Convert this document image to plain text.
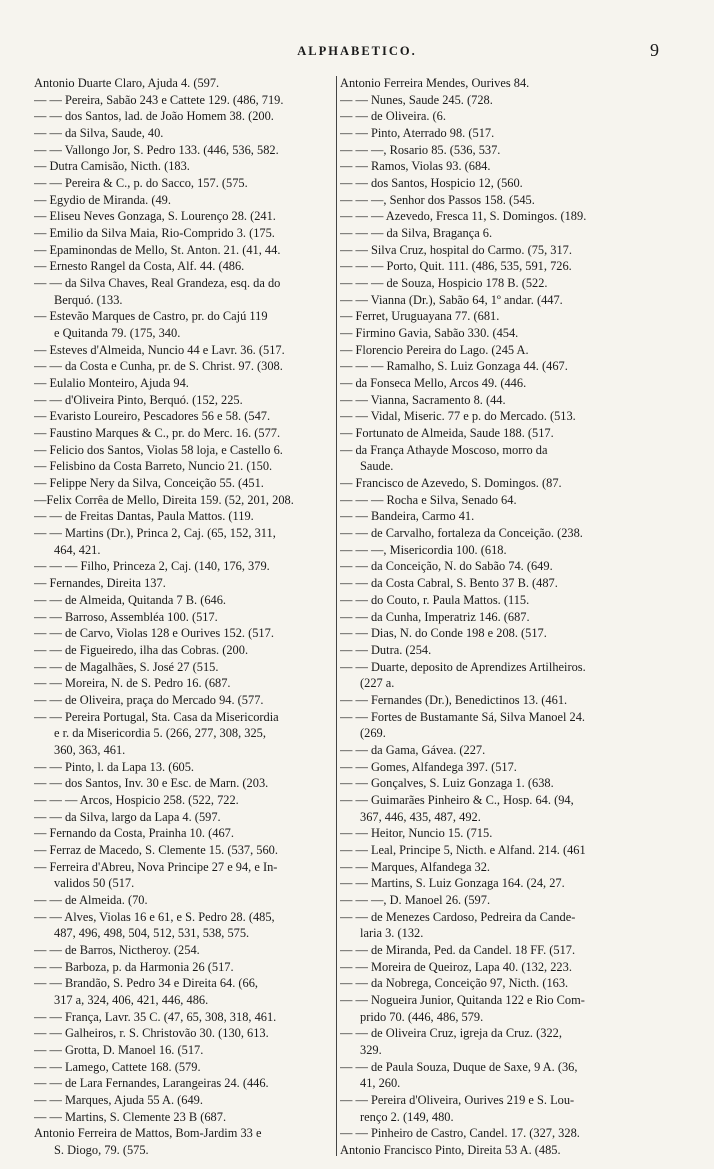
ALPHABETICO.	9
Antonio Duarte Claro, Ajuda 4. (597.
— — Pereira, Sabão 243 e Cattete 129. (486, 719.
— — dos Santos, lad. de João Homem 38. (200.
— — da Silva, Saude, 40.
— — Vallongo Jor, S. Pedro 133. (446, 536, 582.
— Dutra Camisão, Nicth. (183.
— — Pereira & C., p. do Sacco, 157. (575.
— Egydio de Miranda. (49.
— Eliseu Neves Gonzaga, S. Lourenço 28. (241.
— Emilio da Silva Maia, Rio-Comprido 3. (175.
— Epaminondas de Mello, St. Anton. 21. (41, 44.
— Ernesto Rangel da Costa, Alf. 44. (486.
— — da Silva Chaves, Real Grandeza, esq. da do
Berquó. (133.
— Estevão Marques de Castro, pr. do Cajú 119
e Quitanda 79. (175, 340.
— Esteves d'Almeida, Nuncio 44 e Lavr. 36. (517.
— — da Costa e Cunha, pr. de S. Christ. 97. (308.
— Eulalio Monteiro, Ajuda 94.
— — d'Oliveira Pinto, Berquó. (152, 225.
— Evaristo Loureiro, Pescadores 56 e 58. (547.
— Faustino Marques & C., pr. do Merc. 16. (577.
— Felicio dos Santos, Violas 58 loja, e Castello 6.
— Felisbino da Costa Barreto, Nuncio 21. (150.
— Felippe Nery da Silva, Conceição 55. (451.
—Felix Corrêa de Mello, Direita 159. (52, 201, 208.
— — de Freitas Dantas, Paula Mattos. (119.
— — Martins (Dr.), Princa 2, Caj. (65, 152, 311,
464, 421.
— — — Filho, Princeza 2, Caj. (140, 176, 379.
— Fernandes, Direita 137.
— — de Almeida, Quitanda 7 B. (646.
— — Barroso, Assembléa 100. (517.
— — de Carvo, Violas 128 e Ourives 152. (517.
— — de Figueiredo, ilha das Cobras. (200.
— — de Magalhães, S. José 27 (515.
— — Moreira, N. de S. Pedro 16. (687.
— — de Oliveira, praça do Mercado 94. (577.
— — Pereira Portugal, Sta. Casa da Misericordia
e r. da Misericordia 5. (266, 277, 308, 325,
360, 363, 461.
— — Pinto, l. da Lapa 13. (605.
— — dos Santos, Inv. 30 e Esc. de Marn. (203.
— — — Arcos, Hospicio 258. (522, 722.
— — da Silva, largo da Lapa 4. (597.
— Fernando da Costa, Prainha 10. (467.
— Ferraz de Macedo, S. Clemente 15. (537, 560.
— Ferreira d'Abreu, Nova Principe 27 e 94, e In-
validos 50 (517.
— — de Almeida. (70.
— — Alves, Violas 16 e 61, e S. Pedro 28. (485,
487, 496, 498, 504, 512, 531, 538, 575.
— — de Barros, Nictheroy. (254.
— — Barboza, p. da Harmonia 26 (517.
— — Brandão, S. Pedro 34 e Direita 64. (66,
317 a, 324, 406, 421, 446, 486.
— — França, Lavr. 35 C. (47, 65, 308, 318, 461.
— — Galheiros, r. S. Christovão 30. (130, 613.
— — Grotta, D. Manoel 16. (517.
— — Lamego, Cattete 168. (579.
— — de Lara Fernandes, Larangeiras 24. (446.
— — Marques, Ajuda 55 A. (649.
— — Martins, S. Clemente 23 B (687.
Antonio Ferreira de Mattos, Bom-Jardim 33 e
S. Diogo, 79. (575.
Antonio Ferreira Mendes, Ourives 84.
— — Nunes, Saude 245. (728.
— — de Oliveira. (6.
— — Pinto, Aterrado 98. (517.
— — —, Rosario 85. (536, 537.
— — Ramos, Violas 93. (684.
— — dos Santos, Hospicio 12, (560.
— — —, Senhor dos Passos 158. (545.
— — — Azevedo, Fresca 11, S. Domingos. (189.
— — — da Silva, Bragança 6.
— — Silva Cruz, hospital do Carmo. (75, 317.
— — — Porto, Quit. 111. (486, 535, 591, 726.
— — — de Souza, Hospicio 178 B. (522.
— — Vianna (Dr.), Sabão 64, 1º andar. (447.
— Ferret, Uruguayana 77. (681.
— Firmino Gavia, Sabão 330. (454.
— Florencio Pereira do Lago. (245 A.
— — — Ramalho, S. Luiz Gonzaga 44. (467.
— da Fonseca Mello, Arcos 49. (446.
— — Vianna, Sacramento 8. (44.
— — Vidal, Miseric. 77 e p. do Mercado. (513.
— Fortunato de Almeida, Saude 188. (517.
— da França Athayde Moscoso, morro da
Saude.
— Francisco de Azevedo, S. Domingos. (87.
— — — Rocha e Silva, Senado 64.
— — Bandeira, Carmo 41.
— — de Carvalho, fortaleza da Conceição. (238.
— — —, Misericordia 100. (618.
— — da Conceição, N. do Sabão 74. (649.
— — da Costa Cabral, S. Bento 37 B. (487.
— — do Couto, r. Paula Mattos. (115.
— — da Cunha, Imperatriz 146. (687.
— — Dias, N. do Conde 198 e 208. (517.
— — Dutra. (254.
— — Duarte, deposito de Aprendizes Artilheiros.
(227 a.
— — Fernandes (Dr.), Benedictinos 13. (461.
— — Fortes de Bustamante Sá, Silva Manoel 24.
(269.
— — da Gama, Gávea. (227.
— — Gomes, Alfandega 397. (517.
— — Gonçalves, S. Luiz Gonzaga 1. (638.
— — Guimarães Pinheiro & C., Hosp. 64. (94,
367, 446, 435, 487, 492.
— — Heitor, Nuncio 15. (715.
— — Leal, Principe 5, Nicth. e Alfand. 214. (461
— — Marques, Alfandega 32.
— — Martins, S. Luiz Gonzaga 164. (24, 27.
— — —, D. Manoel 26. (597.
— — de Menezes Cardoso, Pedreira da Cande-
laria 3. (132.
— — de Miranda, Ped. da Candel. 18 FF. (517.
— — Moreira de Queiroz, Lapa 40. (132, 223.
— — da Nobrega, Conceição 97, Nicth. (163.
— — Nogueira Junior, Quitanda 122 e Rio Com-
prido 70. (446, 486, 579.
— — de Oliveira Cruz, igreja da Cruz. (322,
329.
— — de Paula Souza, Duque de Saxe, 9 A. (36,
41, 260.
— — Pereira d'Oliveira, Ourives 219 e S. Lou-
renço 2. (149, 480.
— — Pinheiro de Castro, Candel. 17. (327, 328.
Antonio Francisco Pinto, Direita 53 A. (485.
